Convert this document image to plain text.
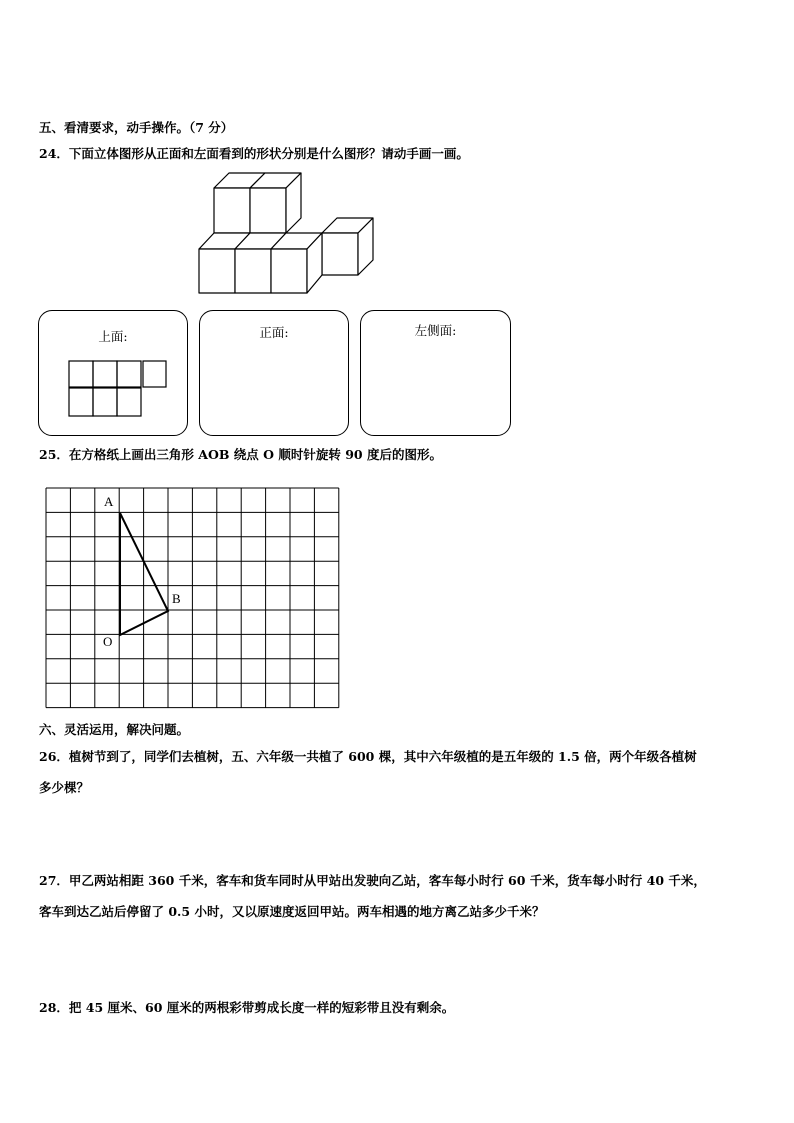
五、看清要求，动手操作。（7 分）
24．下面立体图形从正面和左面看到的形状分别是什么图形？请动手画一画。
上面:	正面:	左侧面:
25．在方格纸上画出三角形 AOB 绕点 O 顺时针旋转 90 度后的图形。
A
B
O
六、灵活运用，解决问题。
26．植树节到了，同学们去植树，五、六年级一共植了 600 棵，其中六年级植的是五年级的 1.5 倍，两个年级各植树
多少棵？
27．甲乙两站相距 360 千米，客车和货车同时从甲站出发驶向乙站，客车每小时行 60 千米，货车每小时行 40 千米，
客车到达乙站后停留了 0.5 小时，又以原速度返回甲站。两车相遇的地方离乙站多少千米？
28．把 45 厘米、60 厘米的两根彩带剪成长度一样的短彩带且没有剩余。
